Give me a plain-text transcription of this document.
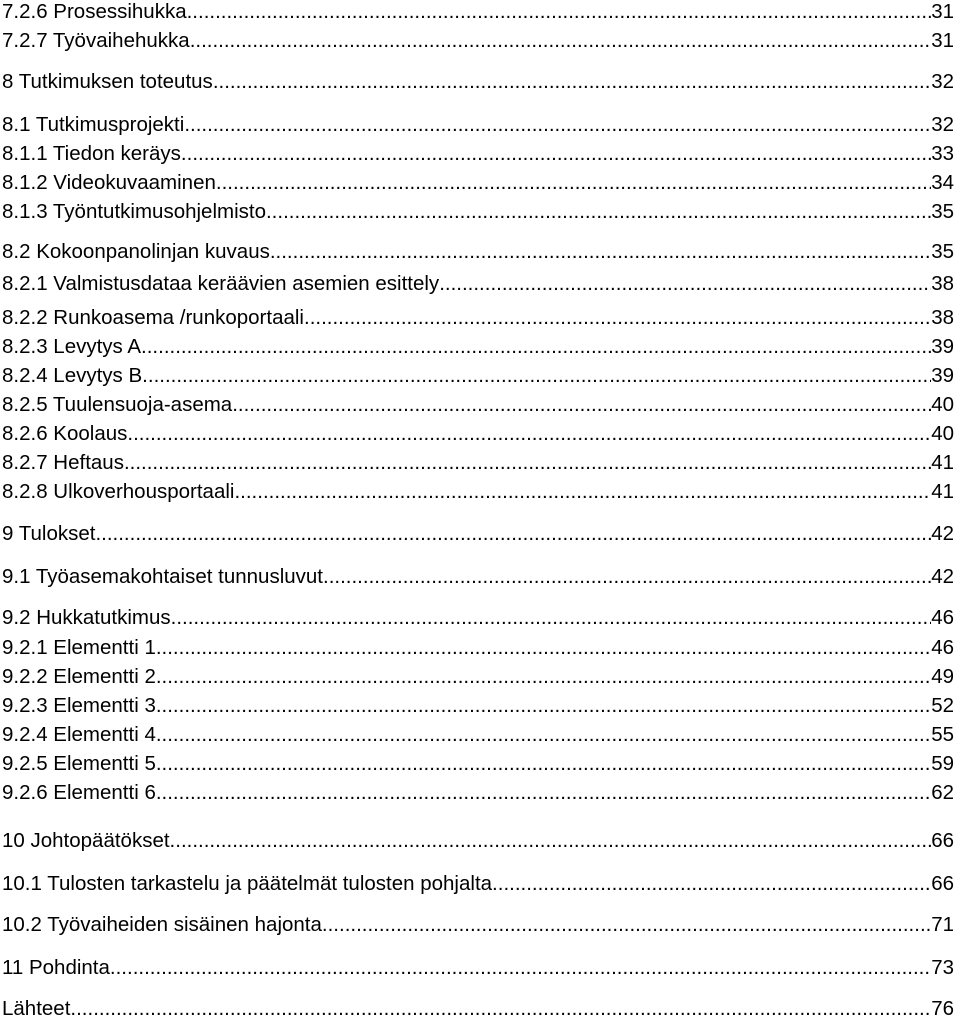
7.2.6 Prosessihukka .....	31
7.2.7 Työvaihehukka .....	31
8 Tutkimuksen toteutus .....	32
8.1 Tutkimusprojekti .....	32
8.1.1 Tiedon keräys .....	33
8.1.2 Videokuvaaminen .....	34
8.1.3 Työntutkimusohjelmisto .....	35
8.2 Kokoonpanolinjan kuvaus .....	35
8.2.1 Valmistusdataa keräävien asemien esittely .....	38
8.2.2 Runkoasema /runkoportaali .....	38
8.2.3 Levytys A .....	39
8.2.4 Levytys B .....	39
8.2.5 Tuulensuoja-asema .....	40
8.2.6 Koolaus .....	40
8.2.7 Heftaus .....	41
8.2.8 Ulkoverhousportaali .....	41
9 Tulokset .....	42
9.1 Työasemakohtaiset tunnusluvut .....	42
9.2 Hukkatutkimus .....	46
9.2.1 Elementti 1 .....	46
9.2.2 Elementti 2 .....	49
9.2.3 Elementti 3 .....	52
9.2.4 Elementti 4 .....	55
9.2.5 Elementti 5 .....	59
9.2.6 Elementti 6 .....	62
10 Johtopäätökset .....	66
10.1 Tulosten tarkastelu ja päätelmät tulosten pohjalta .....	66
10.2 Työvaiheiden sisäinen hajonta .....	71
11 Pohdinta .....	73
Lähteet .....	76
